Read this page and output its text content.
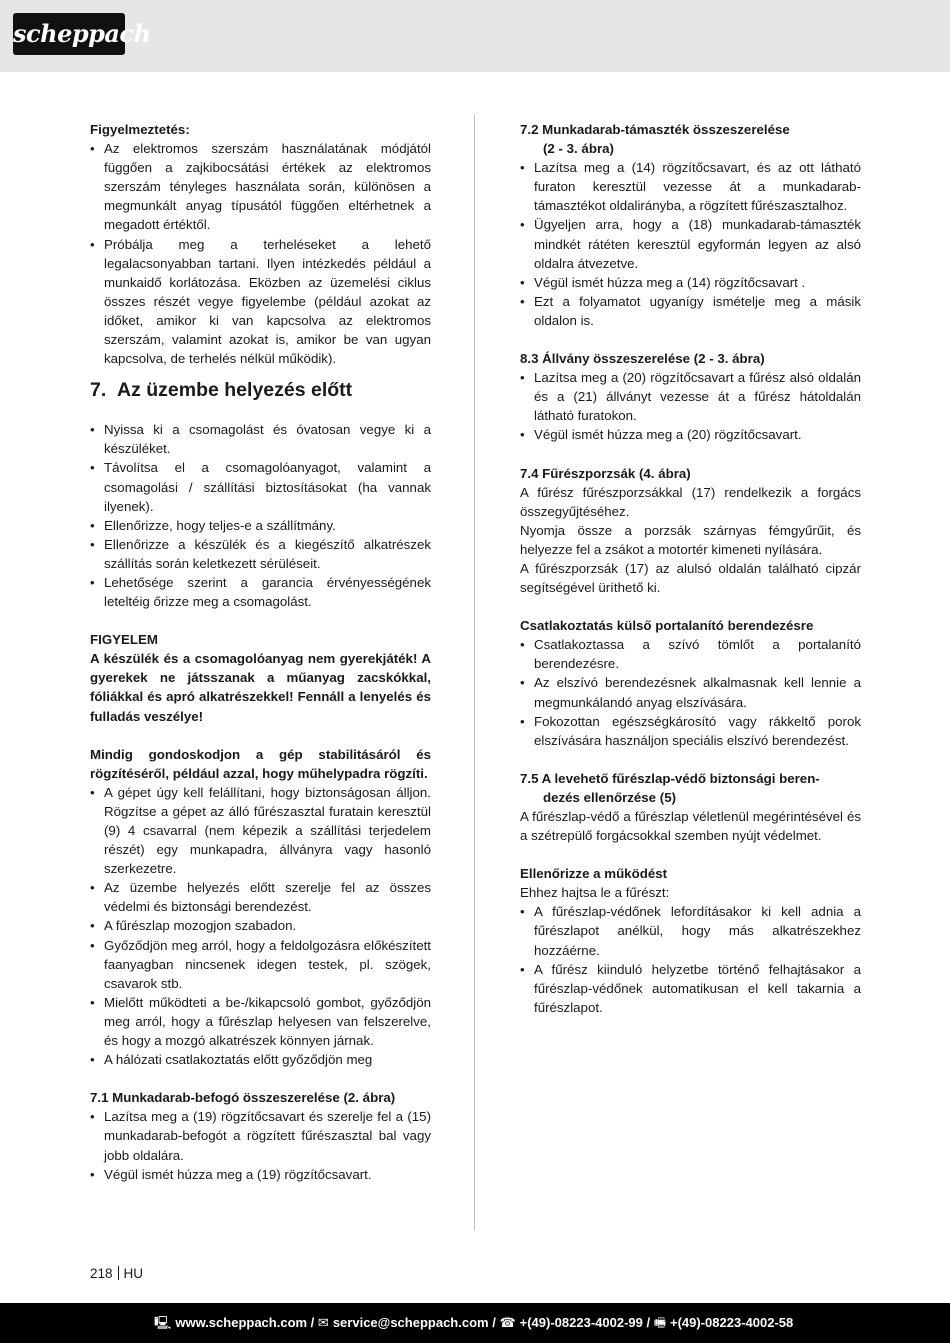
scheppach

Figyelmeztetés:

• Az elektromos szerszám használatának módjától függően a zajkibocsátási értékek az elektromos szerszám tényleges használata során, különösen a megmunkált anyag típusától függően eltérhetnek a megadott értéktől.
• Próbálja meg a terheléseket a lehető legalacsonyabban tartani. Ilyen intézkedés például a munkaidő korlátozása. Eközben az üzemelési ciklus összes részét vegye figyelembe (például azokat az időket, amikor ki van kapcsolva az elektromos szerszám, valamint azokat is, amikor be van ugyan kapcsolva, de terhelés nélkül működik).
7. Az üzembe helyezés előtt
• Nyissa ki a csomagolást és óvatosan vegye ki a készüléket.
• Távolítsa el a csomagolóanyagot, valamint a csomagolási / szállítási biztosításokat (ha vannak ilyenek).
• Ellenőrizze, hogy teljes-e a szállítmány.
• Ellenőrizze a készülék és a kiegészítő alkatrészek szállítás során keletkezett sérüléseit.
• Lehetősége szerint a garancia érvényességének leteltéig őrizze meg a csomagolást.

FIGYELEM

A készülék és a csomagolóanyag nem gyerekjáték! A gyerekek ne játsszanak a műanyag zacskókkal, fóliákkal és apró alkatrészekkel! Fennáll a lenyelés és fulladás veszélye!

Mindig gondoskodjon a gép stabilitásáról és rögzítéséről, például azzal, hogy műhelypadra rögzíti.

• A gépet úgy kell felállítani, hogy biztonságosan álljon. Rögzítse a gépet az álló fűrészasztal furatain keresztül (9) 4 csavarral (nem képezik a szállítási terjedelem részét) egy munkapadra, állványra vagy hasonló szerkezetre.
• Az üzembe helyezés előtt szerelje fel az összes védelmi és biztonsági berendezést.
• A fűrészlap mozogjon szabadon.
• Győződjön meg arról, hogy a feldolgozásra előkészített faanyagban nincsenek idegen testek, pl. szögek, csavarok stb.
• Mielőtt működteti a be-/kikapcsoló gombot, győződjön meg arról, hogy a fűrészlap helyesen van felszerelve, és hogy a mozgó alkatrészek könnyen járnak.
• A hálózati csatlakoztatás előtt győződjön meg

7.1 Munkadarab-befogó összeszerelése (2. ábra)

• Lazítsa meg a (19) rögzítőcsavart és szerelje fel a (15) munkadarab-befogót a rögzített fűrészasztal bal vagy jobb oldalára.
• Végül ismét húzza meg a (19) rögzítőcsavart.

7.2 Munkadarab-támaszték összeszerelése

(2 - 3. ábra)

• Lazítsa meg a (14) rögzítőcsavart, és az ott látható furaton keresztül vezesse át a munkadarab-támasztékot oldalirányba, a rögzített fűrészasztalhoz.
• Ügyeljen arra, hogy a (18) munkadarab-támaszték mindkét rátéten keresztül egyformán legyen az alsó oldalra átvezetve.
• Végül ismét húzza meg a (14) rögzítőcsavart .
• Ezt a folyamatot ugyanígy ismételje meg a másik oldalon is.

8.3 Állvány összeszerelése (2 - 3. ábra)

• Lazítsa meg a (20) rögzítőcsavart a fűrész alsó oldalán és a (21) állványt vezesse át a fűrész hátoldalán látható furatokon.
• Végül ismét húzza meg a (20) rögzítőcsavart.

7.4 Fűrészporzsák (4. ábra)

A fűrész fűrészporzsákkal (17) rendelkezik a forgács összegyűjtéséhez.

Nyomja össze a porzsák szárnyas fémgyűrűit, és helyezze fel a zsákot a motortér kimeneti nyílására.

A fűrészporzsák (17) az alulsó oldalán található cipzár segítségével üríthető ki.

Csatlakoztatás külső portalanító berendezésre

• Csatlakoztassa a szívó tömlőt a portalanító berendezésre.
• Az elszívó berendezésnek alkalmasnak kell lennie a megmunkálandó anyag elszívására.
• Fokozottan egészségkárosító vagy rákkeltő porok elszívására használjon speciális elszívó berendezést.

7.5 A levehető fűrészlap-védő biztonsági beren-

dezés ellenőrzése (5)

A fűrészlap-védő a fűrészlap véletlenül megérintésével és a szétrepülő forgácsokkal szemben nyújt védelmet.

Ellenőrizze a működést

Ehhez hajtsa le a fűrészt:

• A fűrészlap-védőnek lefordításakor ki kell adnia a fűrészlapot anélkül, hogy más alkatrészekhez hozzáérne.
• A fűrész kiinduló helyzetbe történő felhajtásakor a fűrészlap-védőnek automatikusan el kell takarnia a fűrészlapot.
218 HU
🖳 www.scheppach.com / ✉ service@scheppach.com / ☎ +(49)-08223-4002-99 / 🖷 +(49)-08223-4002-58
